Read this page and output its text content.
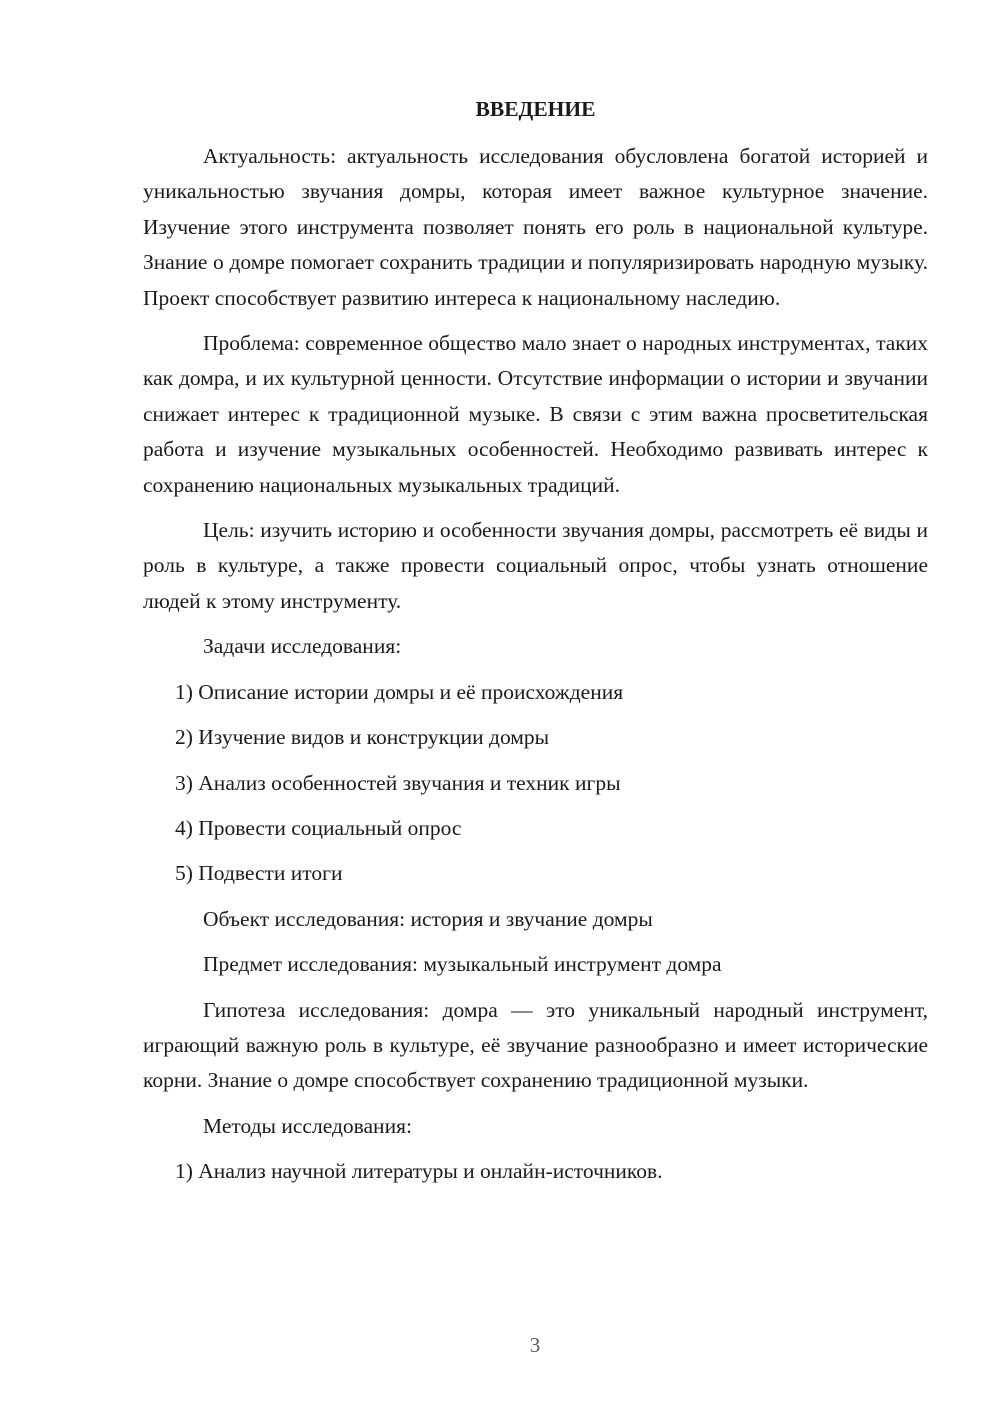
ВВЕДЕНИЕ

Актуальность: актуальность исследования обусловлена богатой историей и уникальностью звучания домры, которая имеет важное культурное значение. Изучение этого инструмента позволяет понять его роль в национальной культуре. Знание о домре помогает сохранить традиции и популяризировать народную музыку. Проект способствует развитию интереса к национальному наследию.

Проблема: современное общество мало знает о народных инструментах, таких как домра, и их культурной ценности. Отсутствие информации о истории и звучании снижает интерес к традиционной музыке. В связи с этим важна просветительская работа и изучение музыкальных особенностей. Необходимо развивать интерес к сохранению национальных музыкальных традиций.

Цель: изучить историю и особенности звучания домры, рассмотреть её виды и роль в культуре, а также провести социальный опрос, чтобы узнать отношение людей к этому инструменту.

Задачи исследования:
1) Описание истории домры и её происхождения
2) Изучение видов и конструкции домры
3) Анализ особенностей звучания и техник игры
4) Провести социальный опрос
5) Подвести итоги
Объект исследования: история и звучание домры
Предмет исследования: музыкальный инструмент домра

Гипотеза исследования: домра — это уникальный народный инструмент, играющий важную роль в культуре, её звучание разнообразно и имеет исторические корни. Знание о домре способствует сохранению традиционной музыки.

Методы исследования:
1) Анализ научной литературы и онлайн-источников.
3
